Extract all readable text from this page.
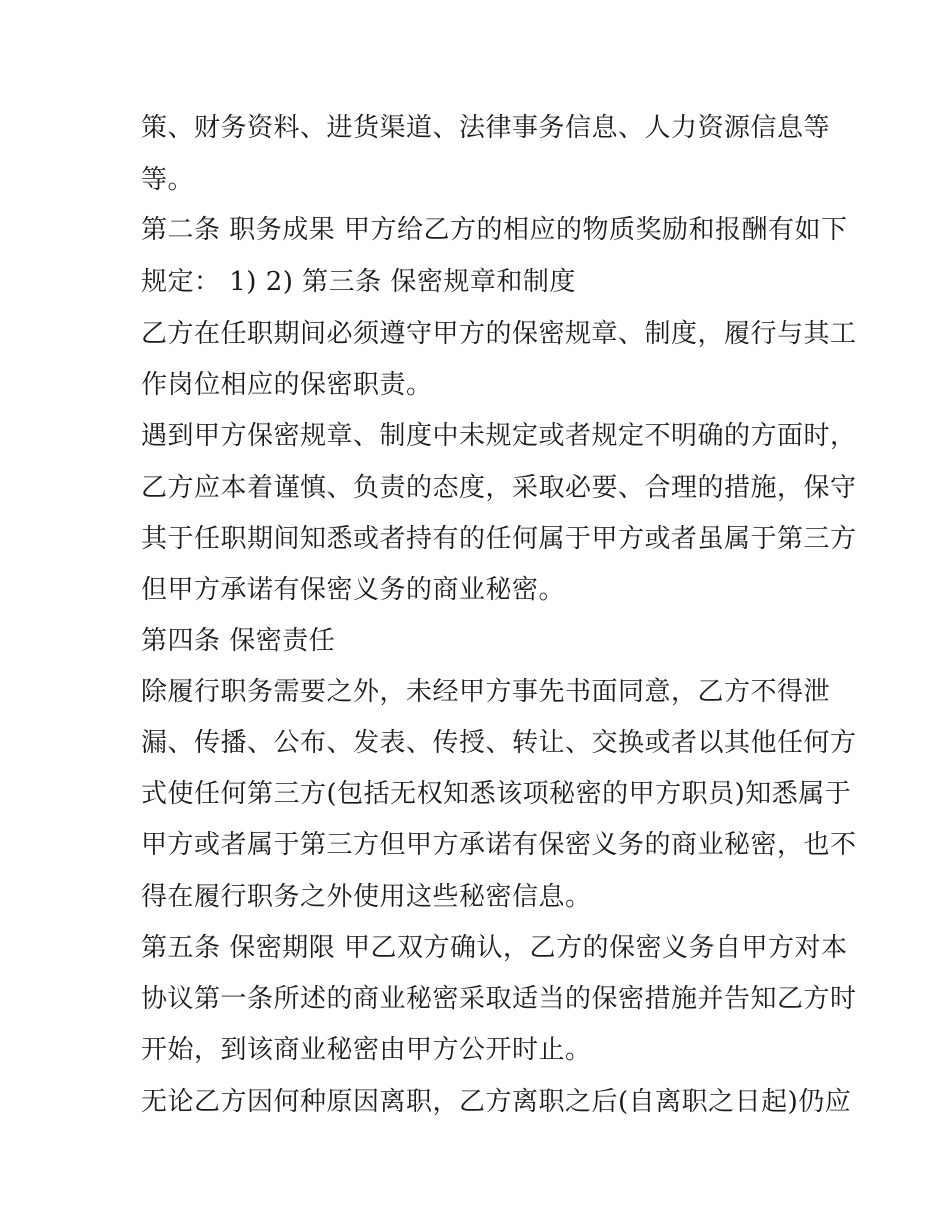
策、财务资料、进货渠道、法律事务信息、人力资源信息等
等。
第二条 职务成果 甲方给乙方的相应的物质奖励和报酬有如下
规定： 1) 2) 第三条 保密规章和制度
乙方在任职期间必须遵守甲方的保密规章、制度，履行与其工
作岗位相应的保密职责。
遇到甲方保密规章、制度中未规定或者规定不明确的方面时，
乙方应本着谨慎、负责的态度，采取必要、合理的措施，保守
其于任职期间知悉或者持有的任何属于甲方或者虽属于第三方
但甲方承诺有保密义务的商业秘密。
第四条 保密责任
除履行职务需要之外，未经甲方事先书面同意，乙方不得泄
漏、传播、公布、发表、传授、转让、交换或者以其他任何方
式使任何第三方(包括无权知悉该项秘密的甲方职员)知悉属于
甲方或者属于第三方但甲方承诺有保密义务的商业秘密，也不
得在履行职务之外使用这些秘密信息。
第五条 保密期限 甲乙双方确认，乙方的保密义务自甲方对本
协议第一条所述的商业秘密采取适当的保密措施并告知乙方时
开始，到该商业秘密由甲方公开时止。
无论乙方因何种原因离职，乙方离职之后(自离职之日起)仍应
